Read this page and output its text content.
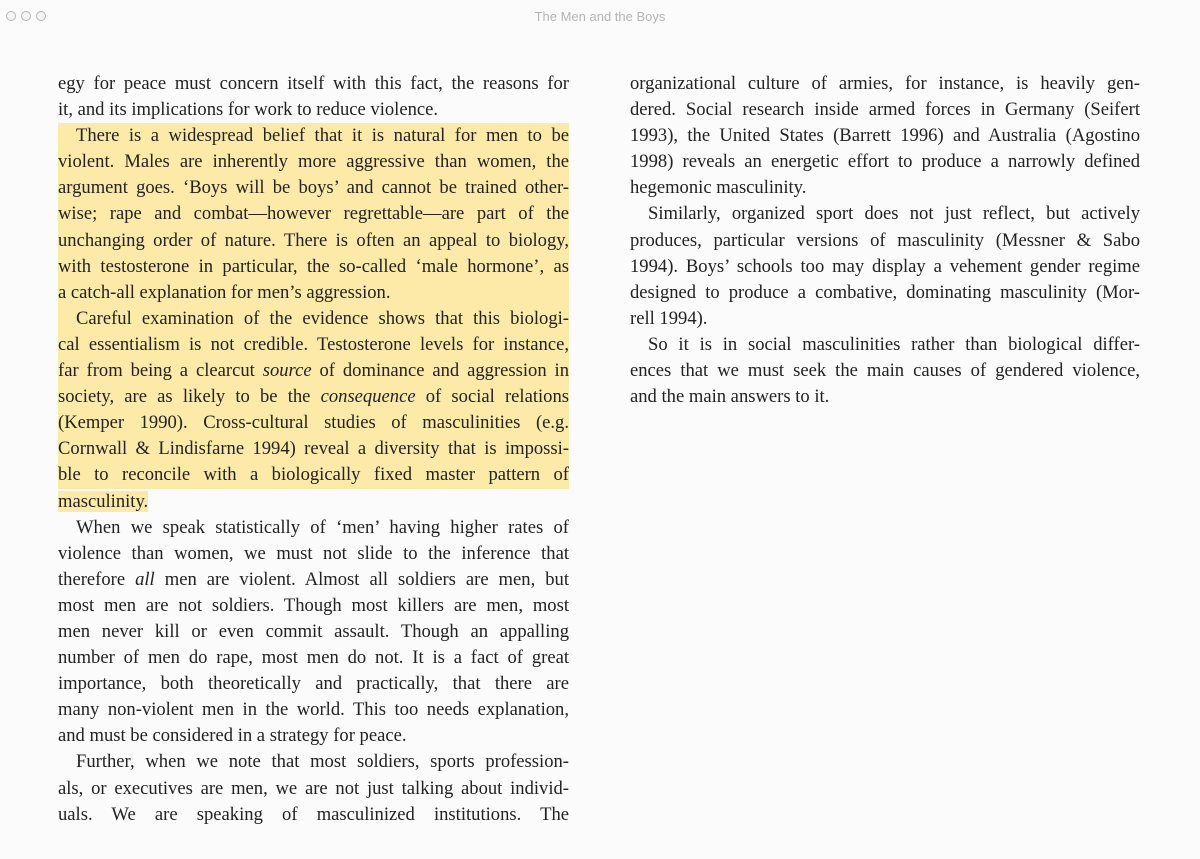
The Men and the Boys
egy for peace must concern itself with this fact, the reasons for
it, and its implications for work to reduce violence.
There is a widespread belief that it is natural for men to be
violent. Males are inherently more aggressive than women, the
argument goes. ‘Boys will be boys’ and cannot be trained other-
wise; rape and combat—however regrettable—are part of the
unchanging order of nature. There is often an appeal to biology,
with testosterone in particular, the so-called ‘male hormone’, as
a catch-all explanation for men’s aggression.
Careful examination of the evidence shows that this biologi-
cal essentialism is not credible. Testosterone levels for instance,
far from being a clearcut source of dominance and aggression in
society, are as likely to be the consequence of social relations
(Kemper 1990). Cross-cultural studies of masculinities (e.g.
Cornwall & Lindisfarne 1994) reveal a diversity that is impossi-
ble to reconcile with a biologically fixed master pattern of
masculinity.
When we speak statistically of ‘men’ having higher rates of
violence than women, we must not slide to the inference that
therefore all men are violent. Almost all soldiers are men, but
most men are not soldiers. Though most killers are men, most
men never kill or even commit assault. Though an appalling
number of men do rape, most men do not. It is a fact of great
importance, both theoretically and practically, that there are
many non-violent men in the world. This too needs explanation,
and must be considered in a strategy for peace.
Further, when we note that most soldiers, sports profession-
als, or executives are men, we are not just talking about individ-
uals. We are speaking of masculinized institutions. The
organizational culture of armies, for instance, is heavily gen-
dered. Social research inside armed forces in Germany (Seifert
1993), the United States (Barrett 1996) and Australia (Agostino
1998) reveals an energetic effort to produce a narrowly defined
hegemonic masculinity.
Similarly, organized sport does not just reflect, but actively
produces, particular versions of masculinity (Messner & Sabo
1994). Boys’ schools too may display a vehement gender regime
designed to produce a combative, dominating masculinity (Mor-
rell 1994).
So it is in social masculinities rather than biological differ-
ences that we must seek the main causes of gendered violence,
and the main answers to it.
